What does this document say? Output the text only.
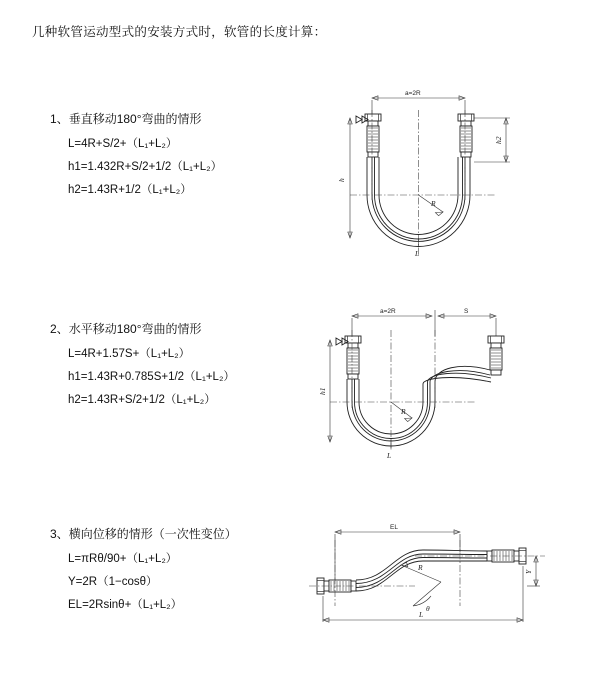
几种软管运动型式的安装方式时，软管的长度计算：
1、垂直移动180°弯曲的情形
L=4R+S/2+（L₁+L₂）
h1=1.432R+S/2+1/2（L₁+L₂）
h2=1.43R+1/2（L₁+L₂）
a=2R
R
h
h2
L
2、水平移动180°弯曲的情形
L=4R+1.57S+（L₁+L₂）
h1=1.43R+0.785S+1/2（L₁+L₂）
h2=1.43R+S/2+1/2（L₁+L₂）
a=2R	S
R
h1
L
3、横向位移的情形（一次性变位）
L=πRθ/90+（L₁+L₂）
Y=2R（1−cosθ）
EL=2Rsinθ+（L₁+L₂）
EL
θ
R	Y
L
